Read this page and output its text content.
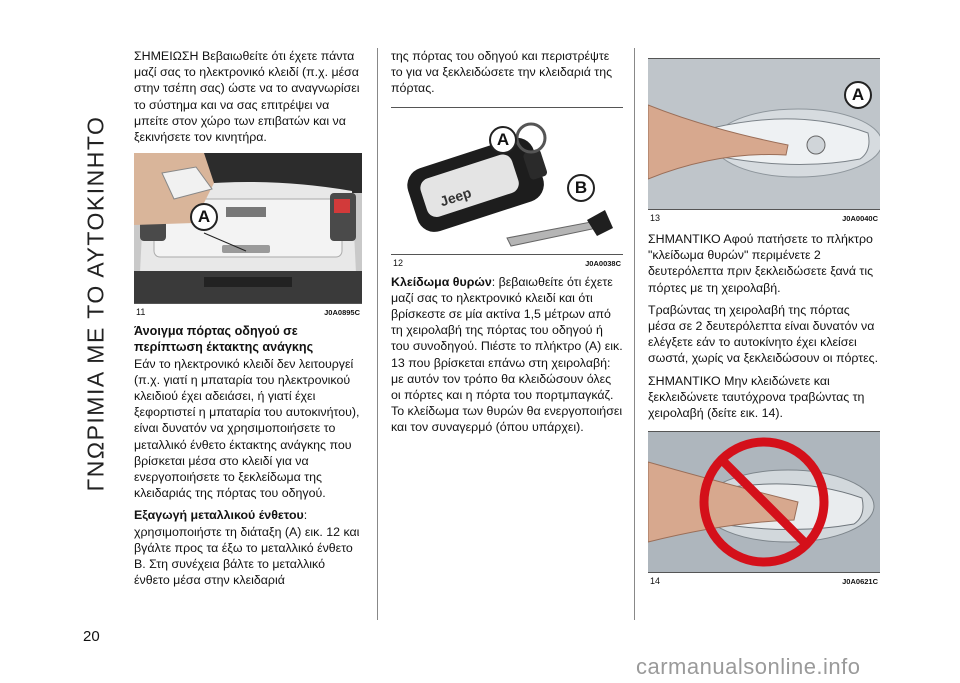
ΓΝΩΡΙΜΙΑ ΜΕ ΤΟ ΑΥΤΟΚΙΝΗΤΟ
20

ΣΗΜΕΙΩΣΗ Βεβαιωθείτε ότι έχετε πάντα μαζί σας το ηλεκτρονικό κλειδί (π.χ. μέσα στην τσέπη σας) ώστε να το αναγνωρίσει το σύστημα και να σας επιτρέψει να μπείτε στον χώρο των επιβατών και να ξεκινήσετε τον κινητήρα.

A
11	J0A0895C

Άνοιγμα πόρτας οδηγού σε περίπτωση έκτακτης ανάγκης

Εάν το ηλεκτρονικό κλειδί δεν λειτουργεί (π.χ. γιατί η μπαταρία του ηλεκτρονικού κλειδιού έχει αδειάσει, ή γιατί έχει ξεφορτιστεί η μπαταρία του αυτοκινήτου), είναι δυνατόν να χρησιμοποιήσετε το μεταλλικό ένθετο έκτακτης ανάγκης που βρίσκεται μέσα στο κλειδί για να ενεργοποιήσετε το ξεκλείδωμα της κλειδαριάς της πόρτας του οδηγού.

Εξαγωγή μεταλλικού ένθετου: χρησιμοποιήστε τη διάταξη (A) εικ. 12 και βγάλτε προς τα έξω το μεταλλικό ένθετο B. Στη συνέχεια βάλτε το μεταλλικό ένθετο μέσα στην κλειδαριά

της πόρτας του οδηγού και περιστρέψτε το για να ξεκλειδώσετε την κλειδαριά της πόρτας.

Jeep
A
B
12	J0A0038C

Κλείδωμα θυρών: βεβαιωθείτε ότι έχετε μαζί σας το ηλεκτρονικό κλειδί και ότι βρίσκεστε σε μία ακτίνα 1,5 μέτρων από τη χειρολαβή της πόρτας του οδηγού ή του συνοδηγού. Πιέστε το πλήκτρο (A) εικ. 13 που βρίσκεται επάνω στη χειρολαβή: με αυτόν τον τρόπο θα κλειδώσουν όλες οι πόρτες και η πόρτα του πορτμπαγκάζ. Το κλείδωμα των θυρών θα ενεργοποιήσει και τον συναγερμό (όπου υπάρχει).

A
13	J0A0040C

ΣΗΜΑΝΤΙΚΟ Αφού πατήσετε το πλήκτρο "κλείδωμα θυρών" περιμένετε 2 δευτερόλεπτα πριν ξεκλειδώσετε ξανά τις πόρτες με τη χειρολαβή.

Τραβώντας τη χειρολαβή της πόρτας μέσα σε 2 δευτερόλεπτα είναι δυνατόν να ελέγξετε εάν το αυτοκίνητο έχει κλείσει σωστά, χωρίς να ξεκλειδώσουν οι πόρτες.

ΣΗΜΑΝΤΙΚΟ Μην κλειδώνετε και ξεκλειδώνετε ταυτόχρονα τραβώντας τη χειρολαβή (δείτε εικ. 14).

14	J0A0621C
carmanualsonline.info
